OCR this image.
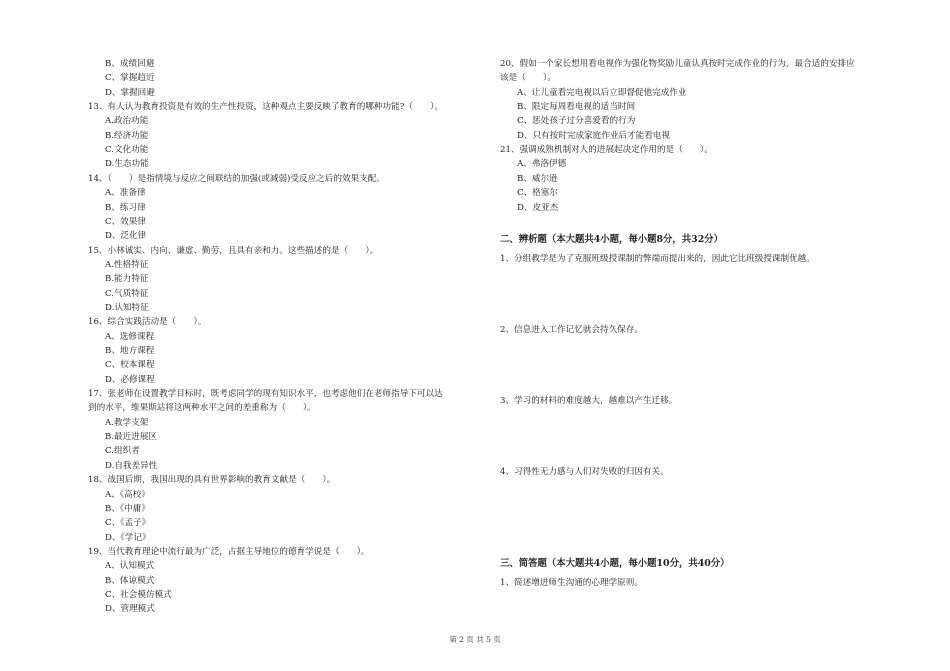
B、成绩回避
C、掌握趋近
D、掌握回避
13、有人认为教育投资是有效的生产性投资，这种观点主要反映了教育的哪种功能?（　　）。
A.政治功能
B.经济功能
C.文化功能
D.生态功能
14、（　　）是指情境与反应之间联结的加强(或减弱)受反应之后的效果支配。
A、准备律
B、练习律
C、效果律
D、泛化律
15、小林诚实、内向、谦虚、勤劳，且具有亲和力。这些描述的是（　　）。
A.性格特征
B.能力特征
C.气质特征
D.认知特征
16、综合实践活动是（　　）。
A、选修课程
B、地方课程
C、校本课程
D、必修课程
17、张老师在设置教学目标时，既考虑同学的现有知识水平，也考虑他们在老师指导下可以达
到的水平，维果斯站将这两种水平之间的差重称为（　　）。
A.教学支架
B.最近进展区
C.组织者
D.自我差异性
18、战国后期，我国出现的具有世界影响的教育文献是（　　）。
A、《高校》
B、《中庸》
C、《孟子》
D、《学记》
19、当代教育理论中流行最为广泛，占据主导地位的德育学说是（　　）。
A、认知模式
B、体谅模式
C、社会模仿模式
D、管理模式
二、辨析题（本大题共4小题，每小题8分，共32分）
1、分组教学是为了克服班级授课制的弊端而提出来的，因此它比班级授课制优越。
2、信息进入工作记忆就会持久保存。
3、学习的材料的难度越大，越难以产生迁移。
4、习得性无力感与人们对失败的归因有关。
三、简答题（本大题共4小题，每小题10分，共40分）
1、简述增进师生沟通的心理学原则。
20、假如一个家长想用看电视作为强化物奖励儿童认真按时完成作业的行为，最合适的安排应
该是（　　）。
A、让儿童看完电视以后立即督促他完成作业
B、限定每周看电视的适当时间
C、惩处孩子过分喜爱看的行为
D、只有按时完成家庭作业后才能看电视
21、强调成熟机制对人的进展起决定作用的是（　　）。
A、弗洛伊德
B、威尔逊
C、格塞尔
D、皮亚杰
第 2 页 共 5 页
